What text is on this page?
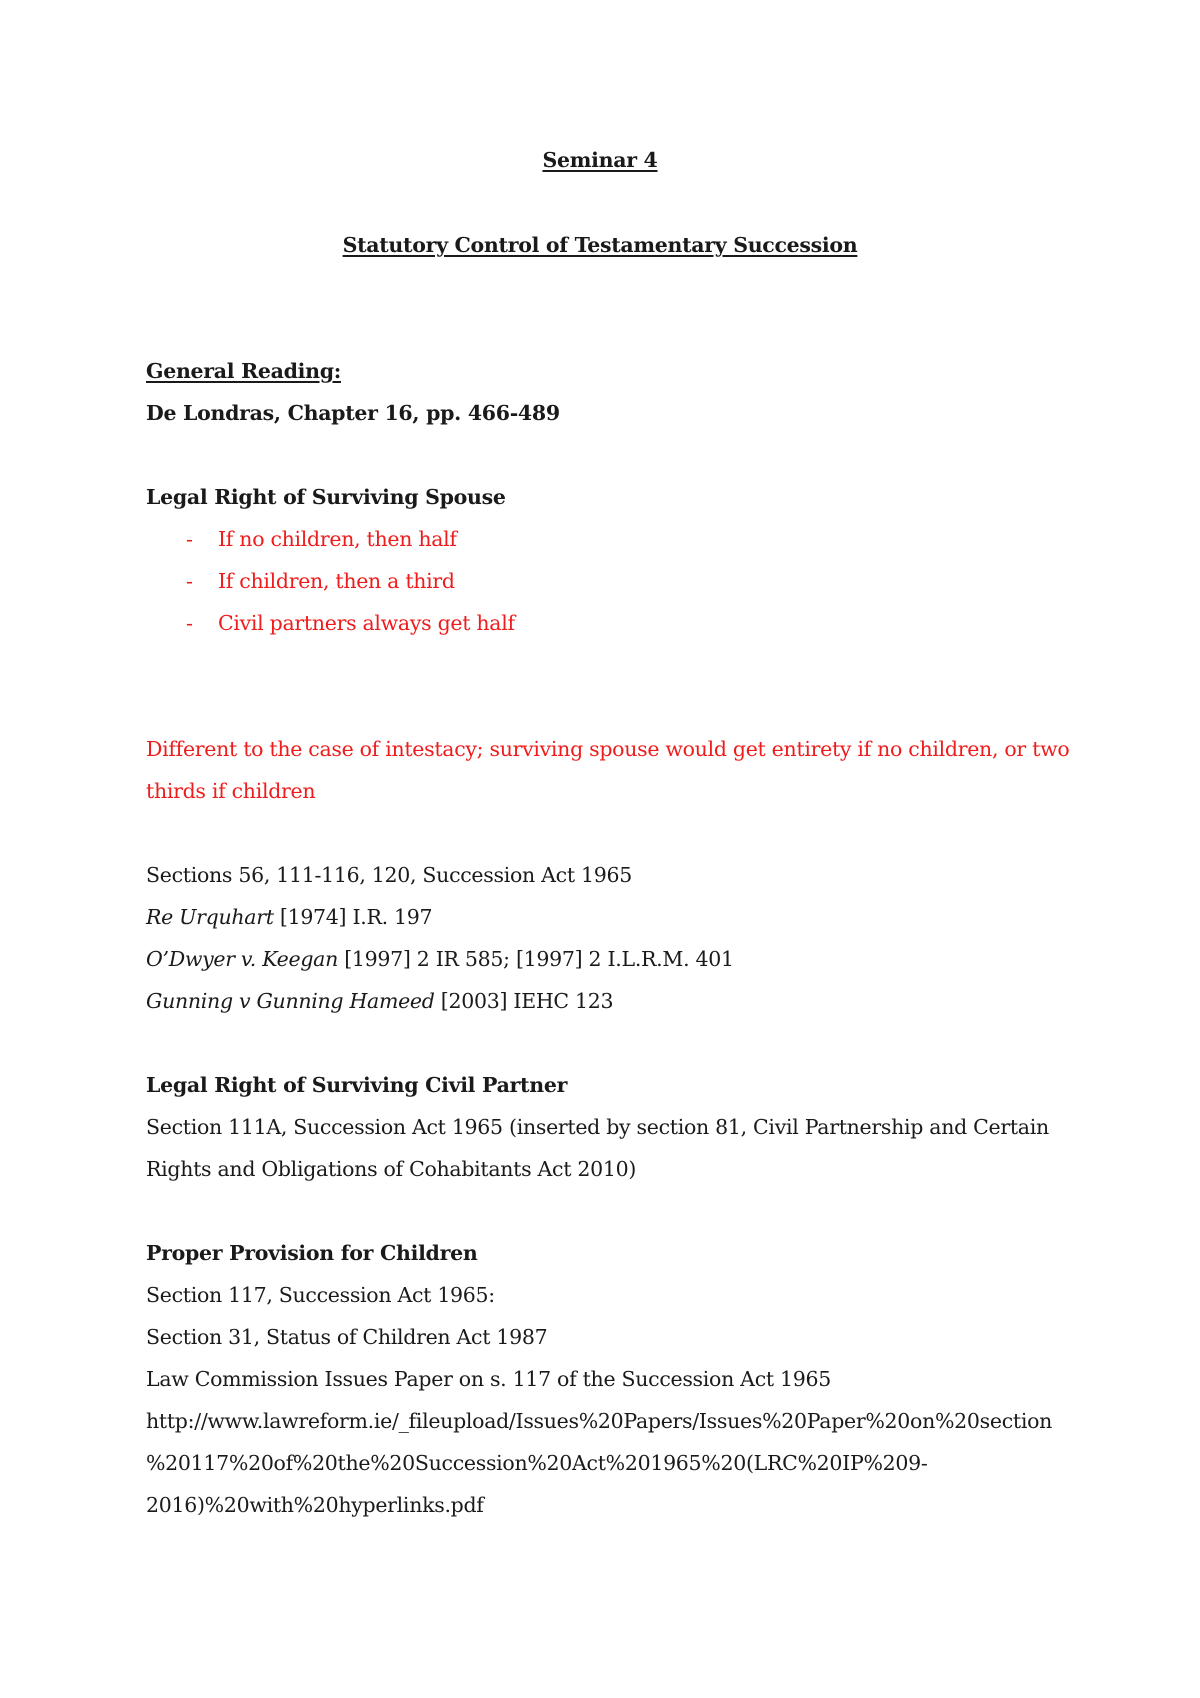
Seminar 4
Statutory Control of Testamentary Succession
General Reading:
De Londras, Chapter 16, pp. 466-489
Legal Right of Surviving Spouse
- If no children, then half
- If children, then a third
- Civil partners always get half
Different to the case of intestacy; surviving spouse would get entirety if no children, or two
thirds if children
Sections 56, 111-116, 120, Succession Act 1965
Re Urquhart [1974] I.R. 197
O’Dwyer v. Keegan [1997] 2 IR 585; [1997] 2 I.L.R.M. 401
Gunning v Gunning Hameed [2003] IEHC 123
Legal Right of Surviving Civil Partner
Section 111A, Succession Act 1965 (inserted by section 81, Civil Partnership and Certain
Rights and Obligations of Cohabitants Act 2010)
Proper Provision for Children
Section 117, Succession Act 1965:
Section 31, Status of Children Act 1987
Law Commission Issues Paper on s. 117 of the Succession Act 1965
http://www.lawreform.ie/_fileupload/Issues%20Papers/Issues%20Paper%20on%20section
%20117%20of%20the%20Succession%20Act%201965%20(LRC%20IP%209-
2016)%20with%20hyperlinks.pdf
